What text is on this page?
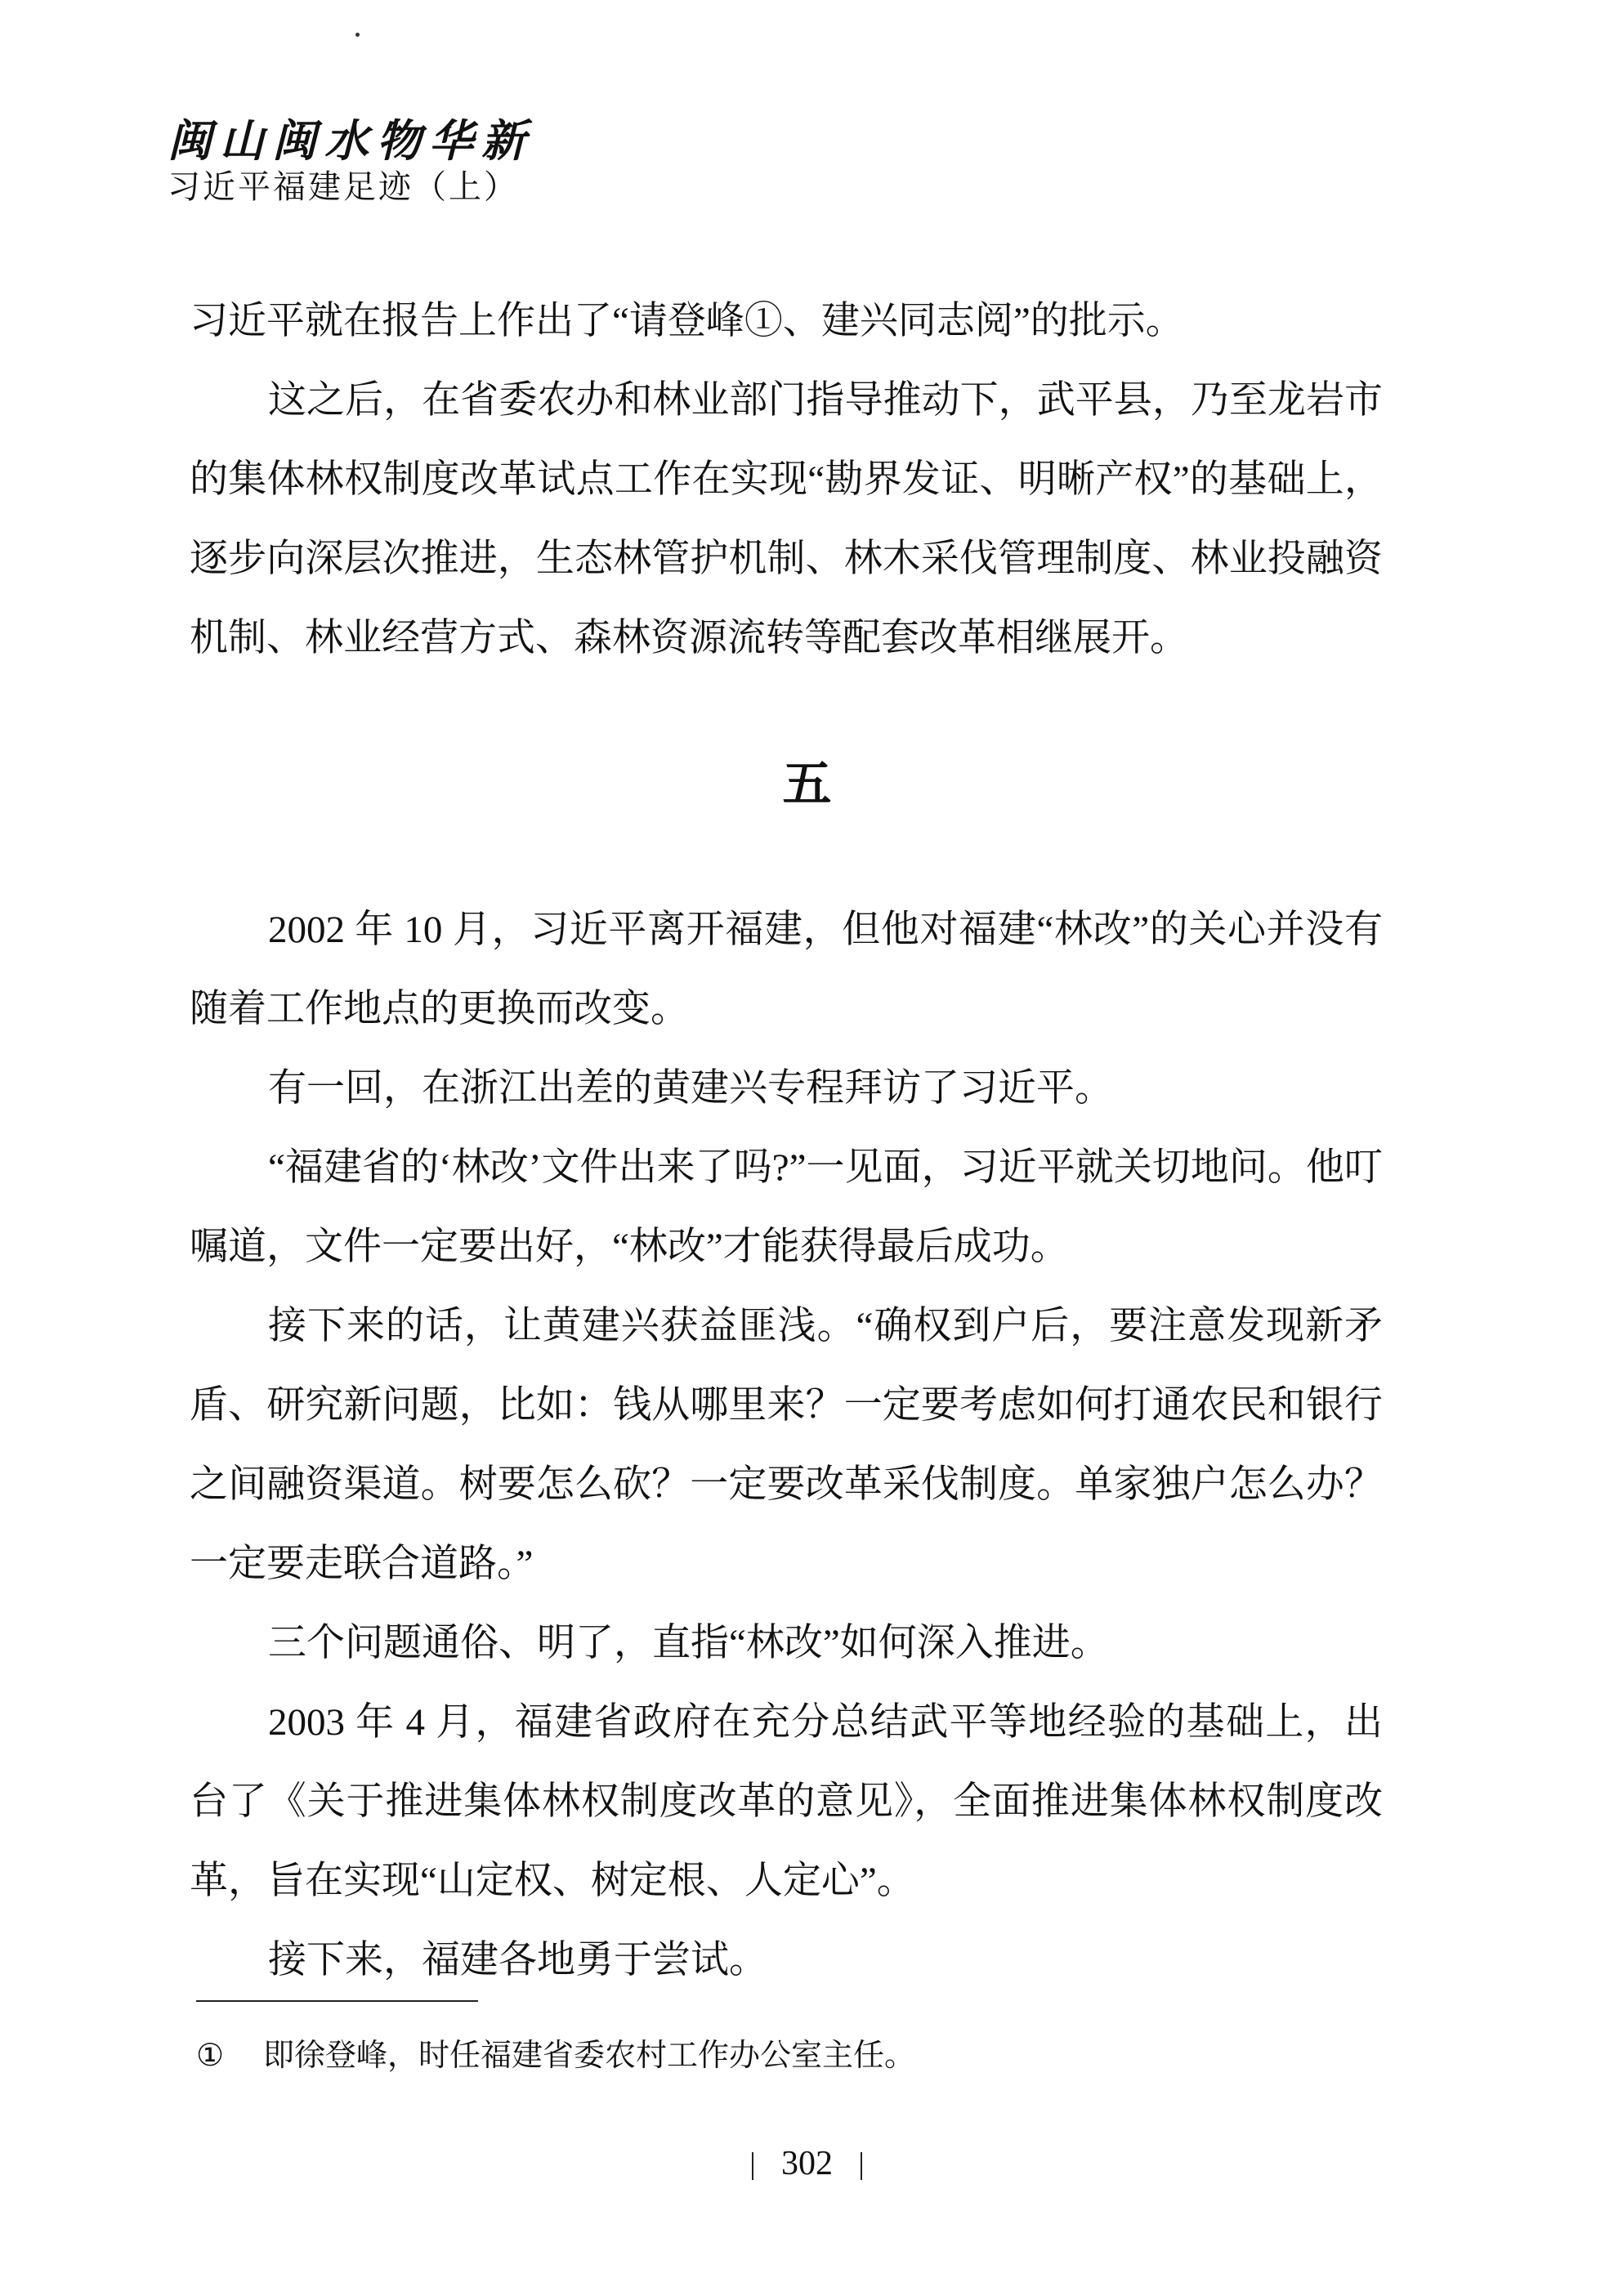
闽山闽水物华新

习近平福建足迹（上）

习近平就在报告上作出了“请登峰①、建兴同志阅”的批示。

这之后，在省委农办和林业部门指导推动下，武平县，乃至龙岩市的集体林权制度改革试点工作在实现“勘界发证、明晰产权”的基础上，逐步向深层次推进，生态林管护机制、林木采伐管理制度、林业投融资机制、林业经营方式、森林资源流转等配套改革相继展开。

五

2002 年 10 月，习近平离开福建，但他对福建“林改”的关心并没有随着工作地点的更换而改变。

有一回，在浙江出差的黄建兴专程拜访了习近平。

“福建省的‘林改’文件出来了吗?”一见面，习近平就关切地问。他叮嘱道，文件一定要出好，“林改”才能获得最后成功。

接下来的话，让黄建兴获益匪浅。“确权到户后，要注意发现新矛盾、研究新问题，比如：钱从哪里来？一定要考虑如何打通农民和银行之间融资渠道。树要怎么砍？一定要改革采伐制度。单家独户怎么办？一定要走联合道路。”

三个问题通俗、明了，直指“林改”如何深入推进。

2003 年 4 月，福建省政府在充分总结武平等地经验的基础上，出台了《关于推进集体林权制度改革的意见》，全面推进集体林权制度改革，旨在实现“山定权、树定根、人定心”。

接下来，福建各地勇于尝试。

① 即徐登峰，时任福建省委农村工作办公室主任。

302
